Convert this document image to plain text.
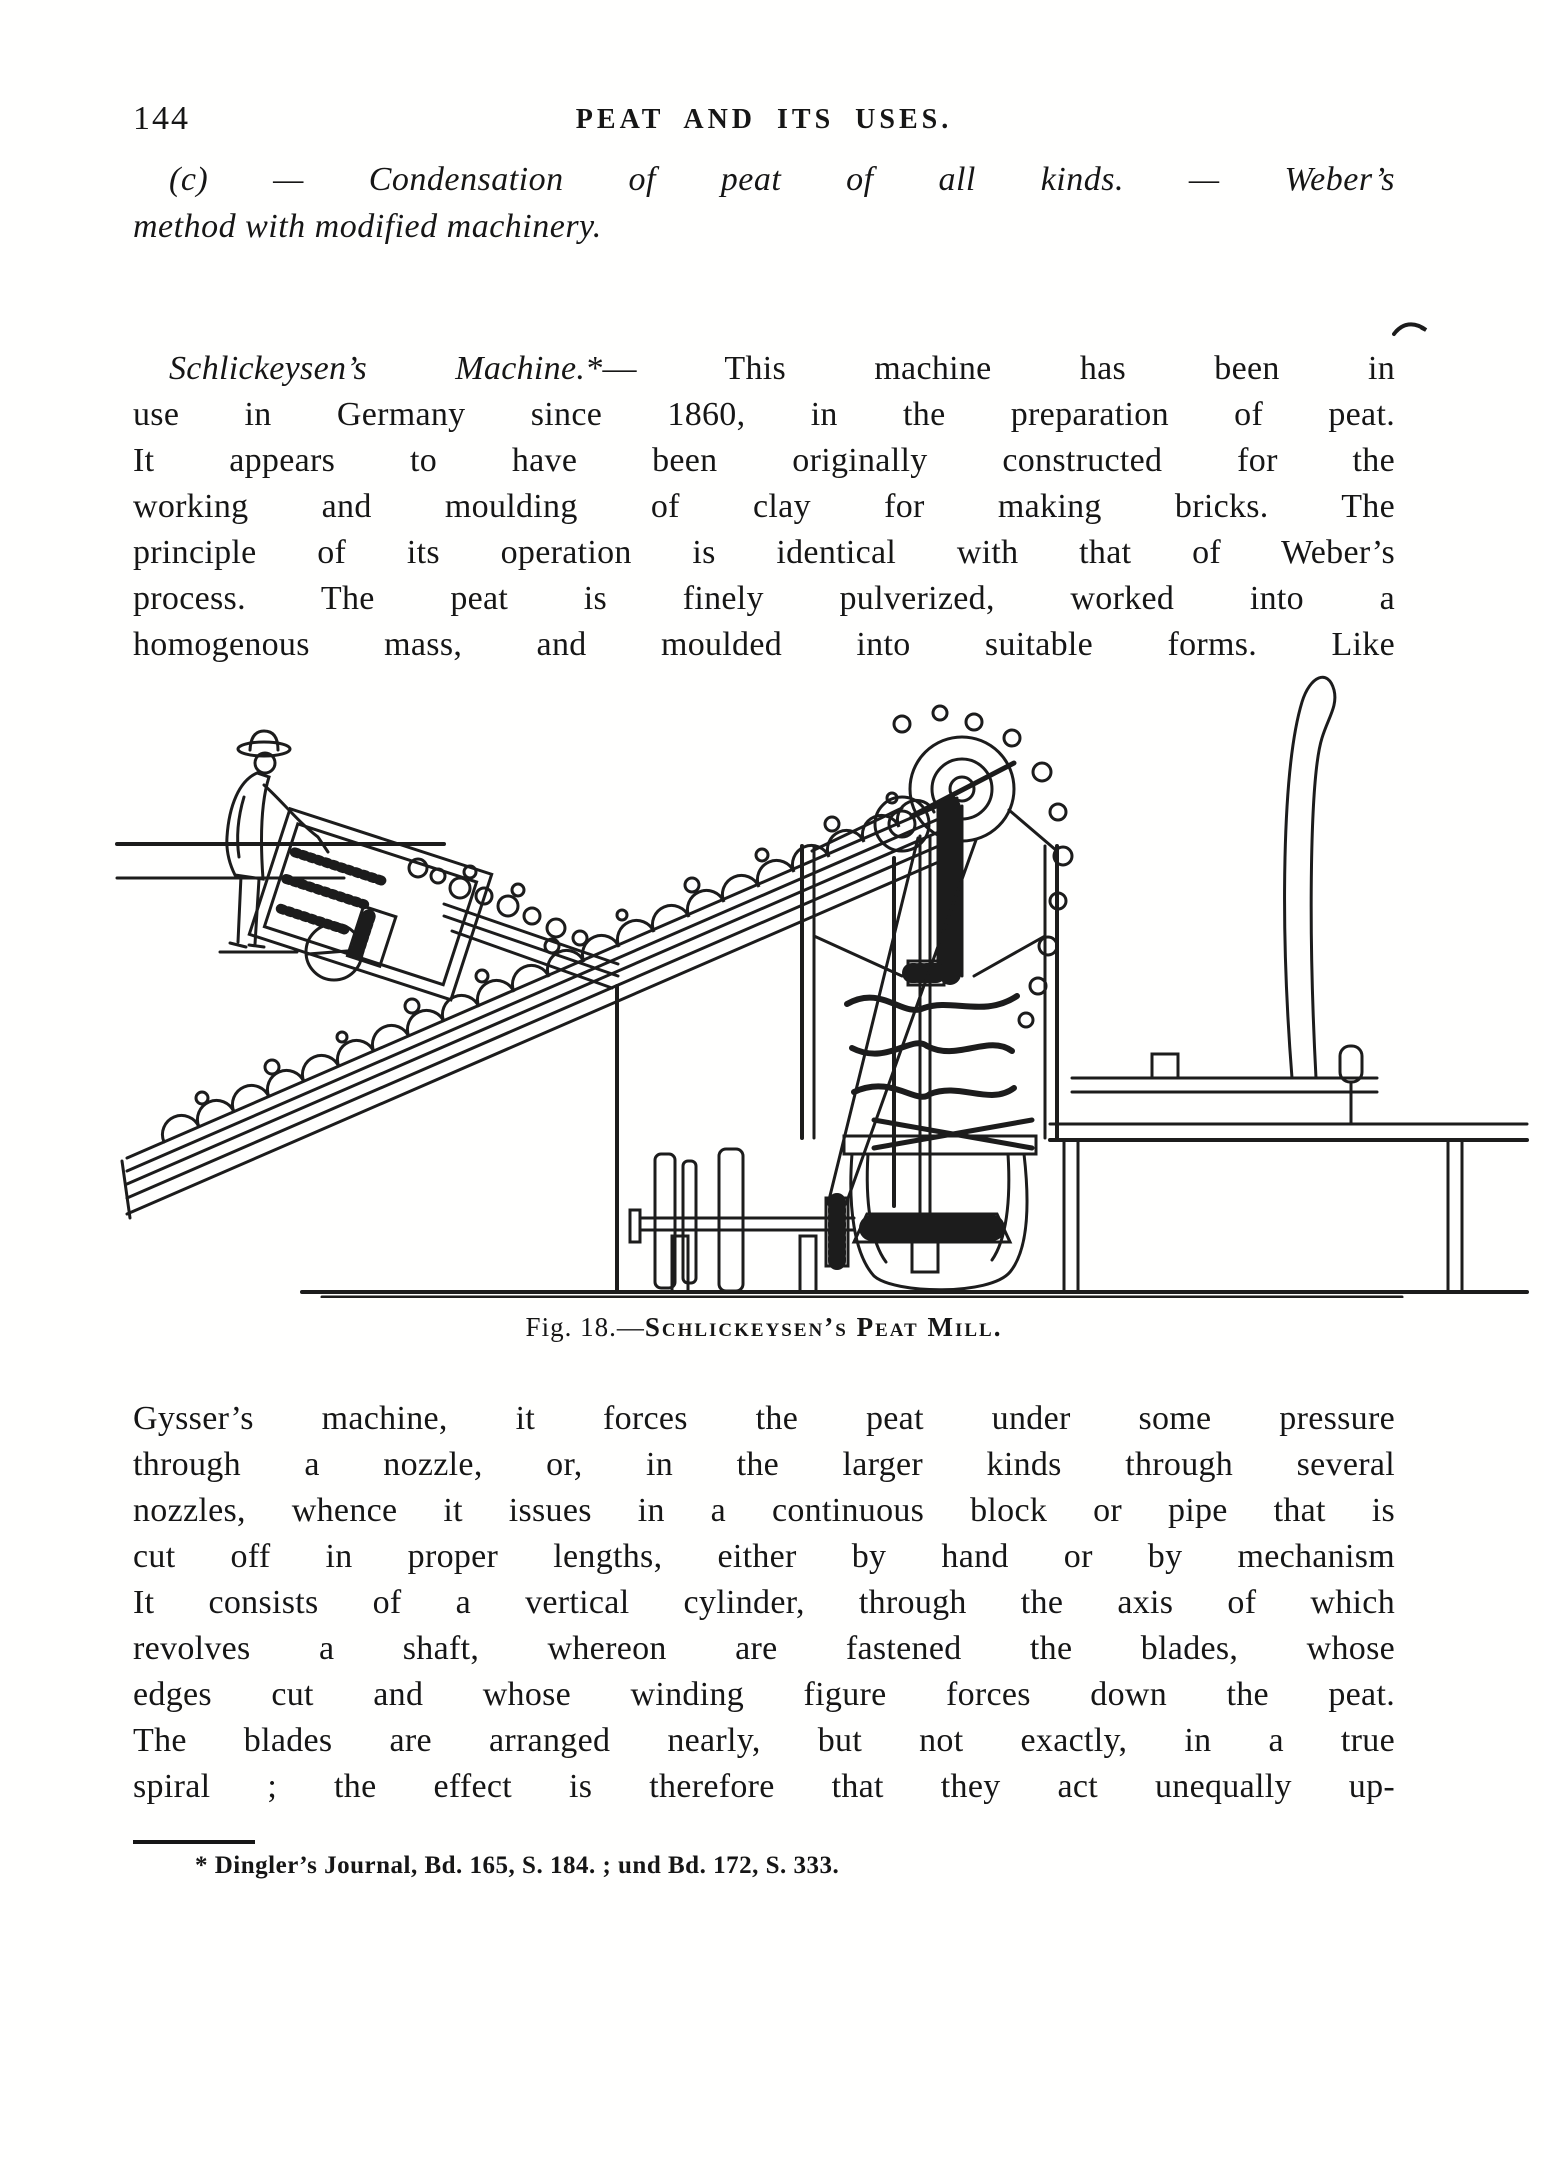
144	PEAT AND ITS USES.
(c) — Condensation of peat of all kinds. — Weber’s
method with modified machinery.
Schlickeysen’s Machine.*— This machine has been in
use in Germany since 1860, in the preparation of peat.
It appears to have been originally constructed for the
working and moulding of clay for making bricks. The
principle of its operation is identical with that of Weber’s
process. The peat is finely pulverized, worked into a
homogenous mass, and moulded into suitable forms. Like
Fig. 18.—Schlickeysen’s Peat Mill.
Gysser’s machine, it forces the peat under some pressure
through a nozzle, or, in the larger kinds through several
nozzles, whence it issues in a continuous block or pipe that is
cut off in proper lengths, either by hand or by mechanism
It consists of a vertical cylinder, through the axis of which
revolves a shaft, whereon are fastened the blades, whose
edges cut and whose winding figure forces down the peat.
The blades are arranged nearly, but not exactly, in a true
spiral ; the effect is therefore that they act unequally up-
* Dingler’s Journal, Bd. 165, S. 184. ; und Bd. 172, S. 333.
